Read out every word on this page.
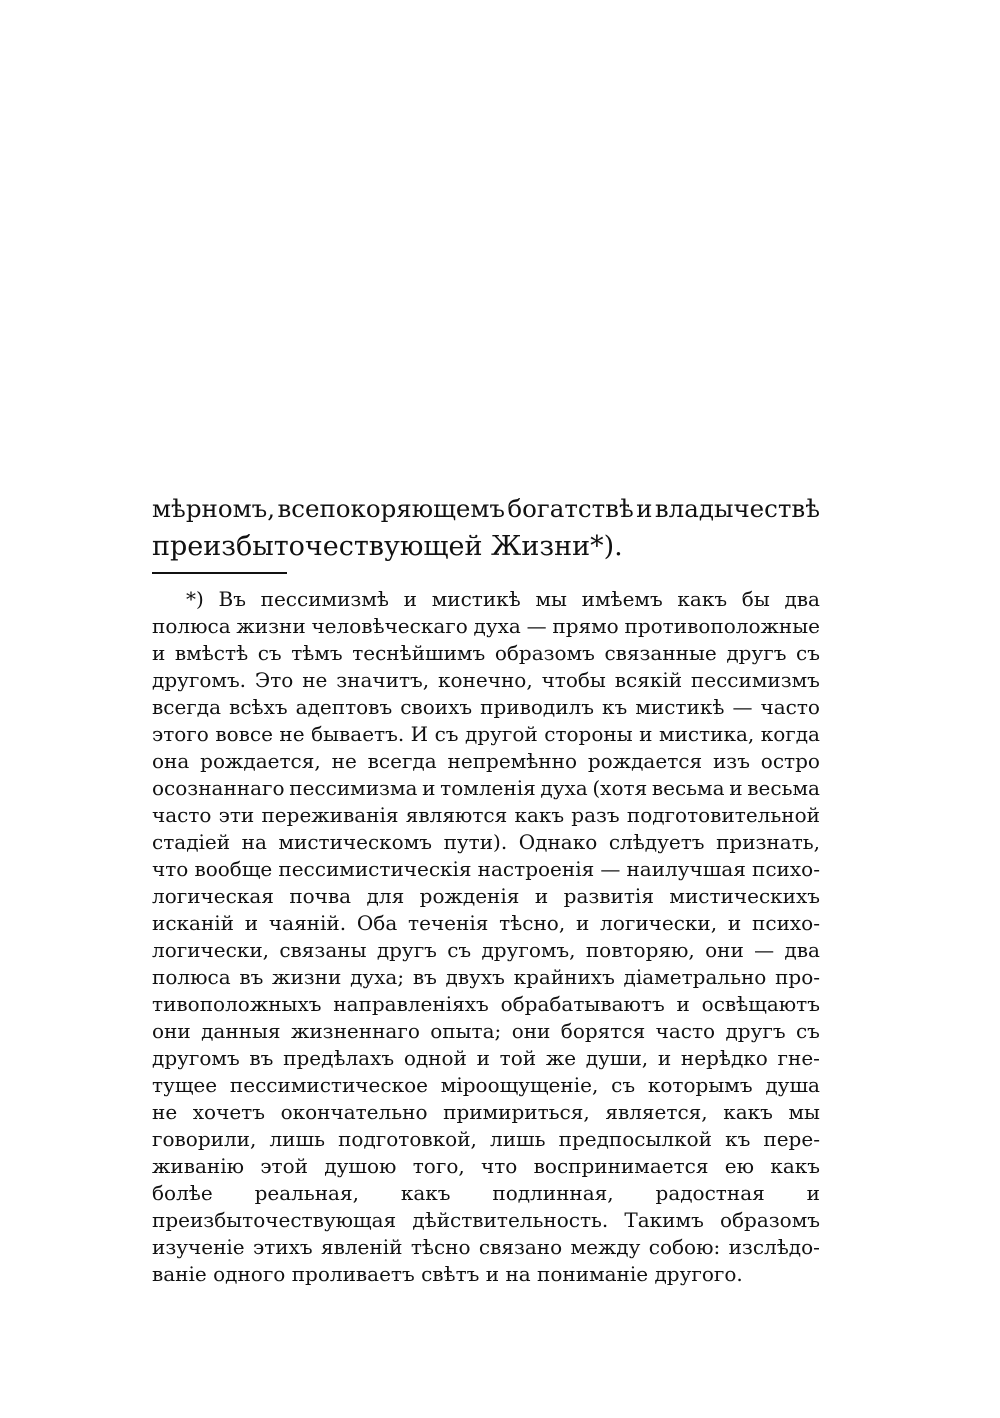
мѣрномъ, всепокоряющемъ богатствѣ и владычествѣ
преизбыточествующей Жизни*).
*) Въ пессимизмѣ и мистикѣ мы имѣемъ какъ бы два
полюса жизни человѣческаго духа — прямо противоположные
и вмѣстѣ съ тѣмъ теснѣйшимъ образомъ связанные другъ съ
другомъ. Это не значитъ, конечно, чтобы всякій пессимизмъ
всегда всѣхъ адептовъ своихъ приводилъ къ мистикѣ — часто
этого вовсе не бываетъ. И съ другой стороны и мистика, когда
она рождается, не всегда непремѣнно рождается изъ остро
осознаннаго пессимизма и томленія духа (хотя весьма и весьма
часто эти переживанія являются какъ разъ подготовительной
стадіей на мистическомъ пути). Однако слѣдуетъ признать,
что вообще пессимистическія настроенія — наилучшая психо-
логическая почва для рожденія и развитія мистическихъ
исканій и чаяній. Оба теченія тѣсно, и логически, и психо-
логически, связаны другъ съ другомъ, повторяю, они — два
полюса въ жизни духа; въ двухъ крайнихъ діаметрально про-
тивоположныхъ направленіяхъ обрабатываютъ и освѣщаютъ
они данныя жизненнаго опыта; они борятся часто другъ съ
другомъ въ предѣлахъ одной и той же души, и нерѣдко гне-
тущее пессимистическое міроощущеніе, съ которымъ душа
не хочетъ окончательно примириться, является, какъ мы
говорили, лишь подготовкой, лишь предпосылкой къ пере-
живанію этой душою того, что воспринимается ею какъ
болѣе реальная, какъ подлинная, радостная и
преизбыточествующая дѣйствительность. Такимъ образомъ
изученіе этихъ явленій тѣсно связано между собою: изслѣдо-
ваніе одного проливаетъ свѣтъ и на пониманіе другого.
